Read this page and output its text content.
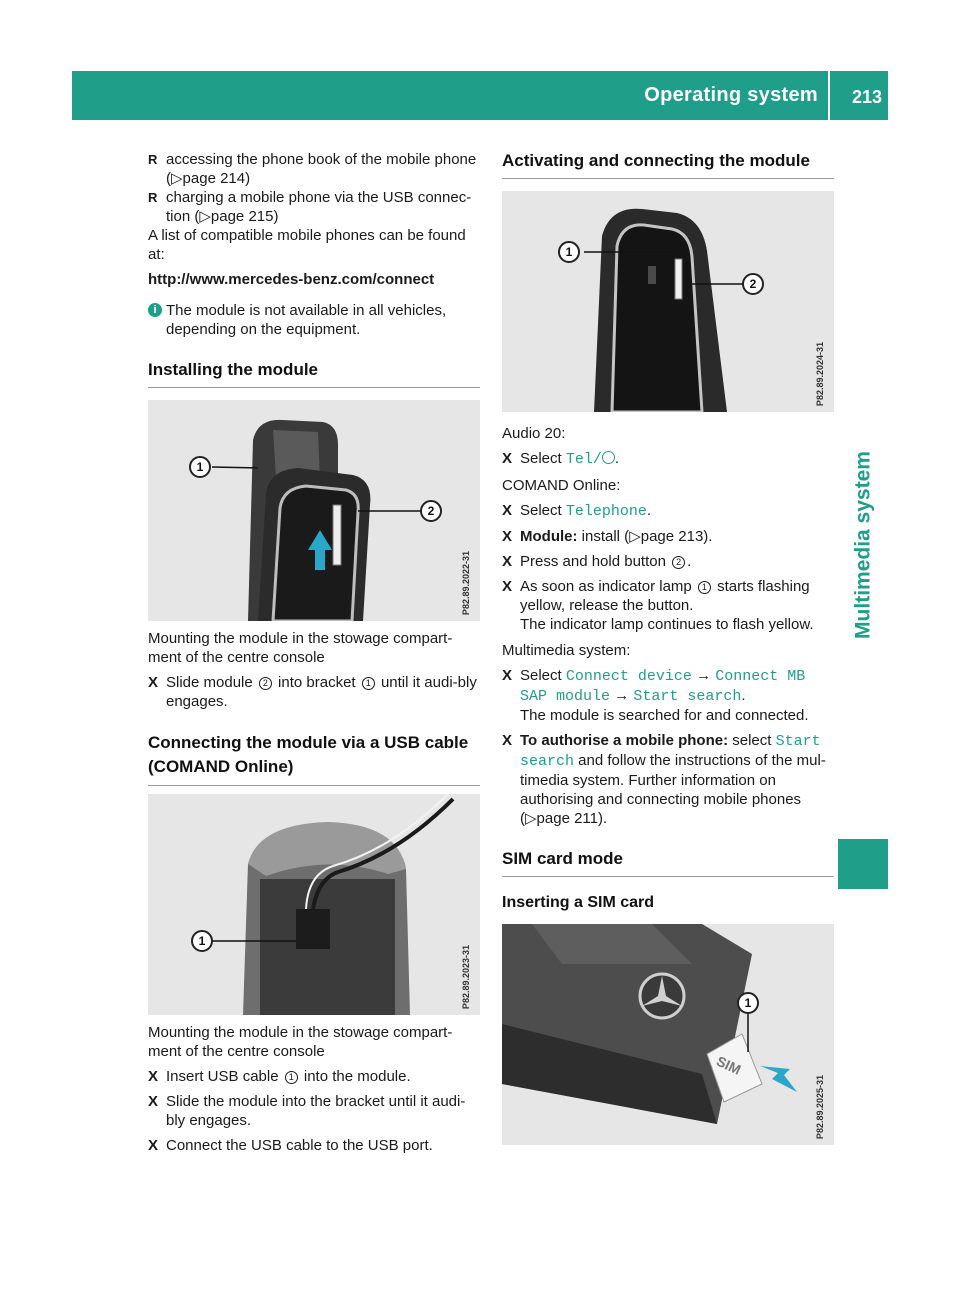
Operating system 213
Multimedia system

R accessing the phone book of the mobile phone (▷page 214)

R charging a mobile phone via the USB connec-tion (▷page 215)

A list of compatible mobile phones can be found at:

http://www.mercedes-benz.com/connect

i The module is not available in all vehicles, depending on the equipment.

Installing the module
1
2
P82.89.2022-31

Mounting the module in the stowage compart-ment of the centre console

X Slide module 2 into bracket 1 until it audi-bly engages.

Connecting the module via a USB cable (COMAND Online)
1
P82.89.2023-31

Mounting the module in the stowage compart-ment of the centre console

X Insert USB cable 1 into the module.

X Slide the module into the bracket until it audi-bly engages.

X Connect the USB cable to the USB port.

Activating and connecting the module
1
2
P82.89.2024-31

Audio 20:

X Select Tel/ .

COMAND Online:

X Select Telephone.

X Module: install (▷page 213).

X Press and hold button 2 .

X As soon as indicator lamp 1 starts flashing yellow, release the button.
The indicator lamp continues to flash yellow.

Multimedia system:

X Select Connect device → Connect MB
SAP module → Start search.
The module is searched for and connected.

X To authorise a mobile phone: select Start search and follow the instructions of the mul-timedia system. Further information on authorising and connecting mobile phones (▷page 211).

SIM card mode

Inserting a SIM card

SIM
1
P82.89.2025-31
